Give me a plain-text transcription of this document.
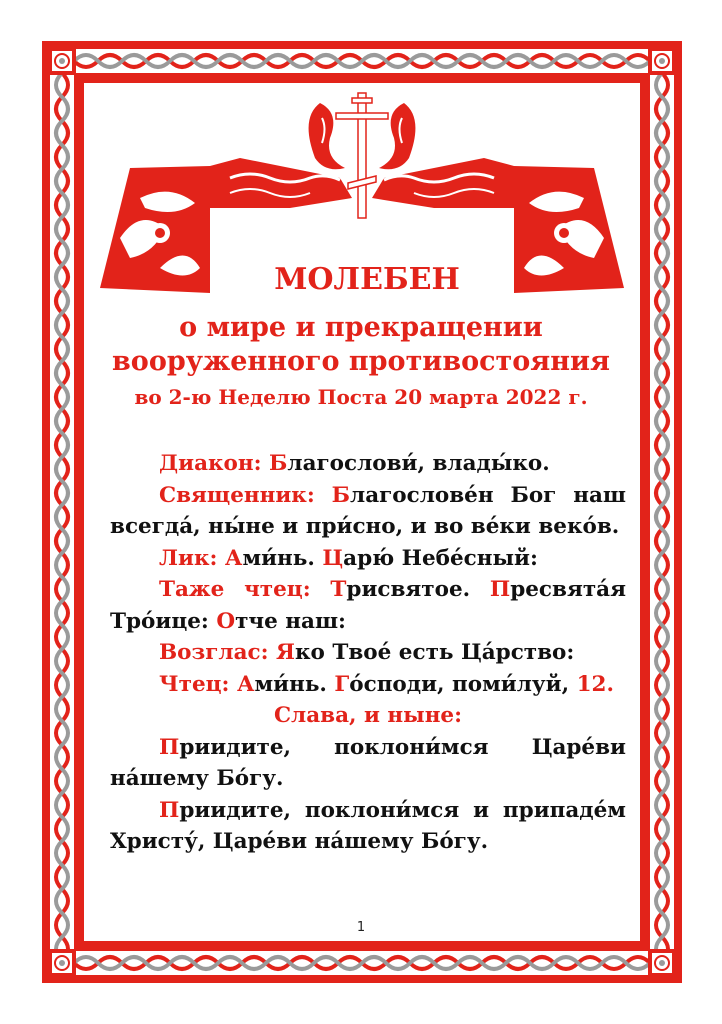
МОЛЕБЕН
о мире и прекращении
вооруженного противостояния
во 2-ю Неделю Поста 20 марта 2022 г.

Диакон: Благослови́, влады́ко.

Священник: Благослове́н Бог наш всегда́, ны́не и при́сно, и во ве́ки веко́в.

Лик: Ами́нь. Царю́ Небе́сный:

Таже чтец: Трисвятое. Пресвята́я Тро́ице: Отче наш:

Возглас: Яко Твое́ есть Ца́рство:

Чтец: Ами́нь. Го́споди, поми́луй, 12.

Слава, и ныне:

Приидите, поклони́мся Царе́ви на́шему Бо́гу.

Приидите, поклони́мся и припаде́м Христу́, Царе́ви на́шему Бо́гу.

1
